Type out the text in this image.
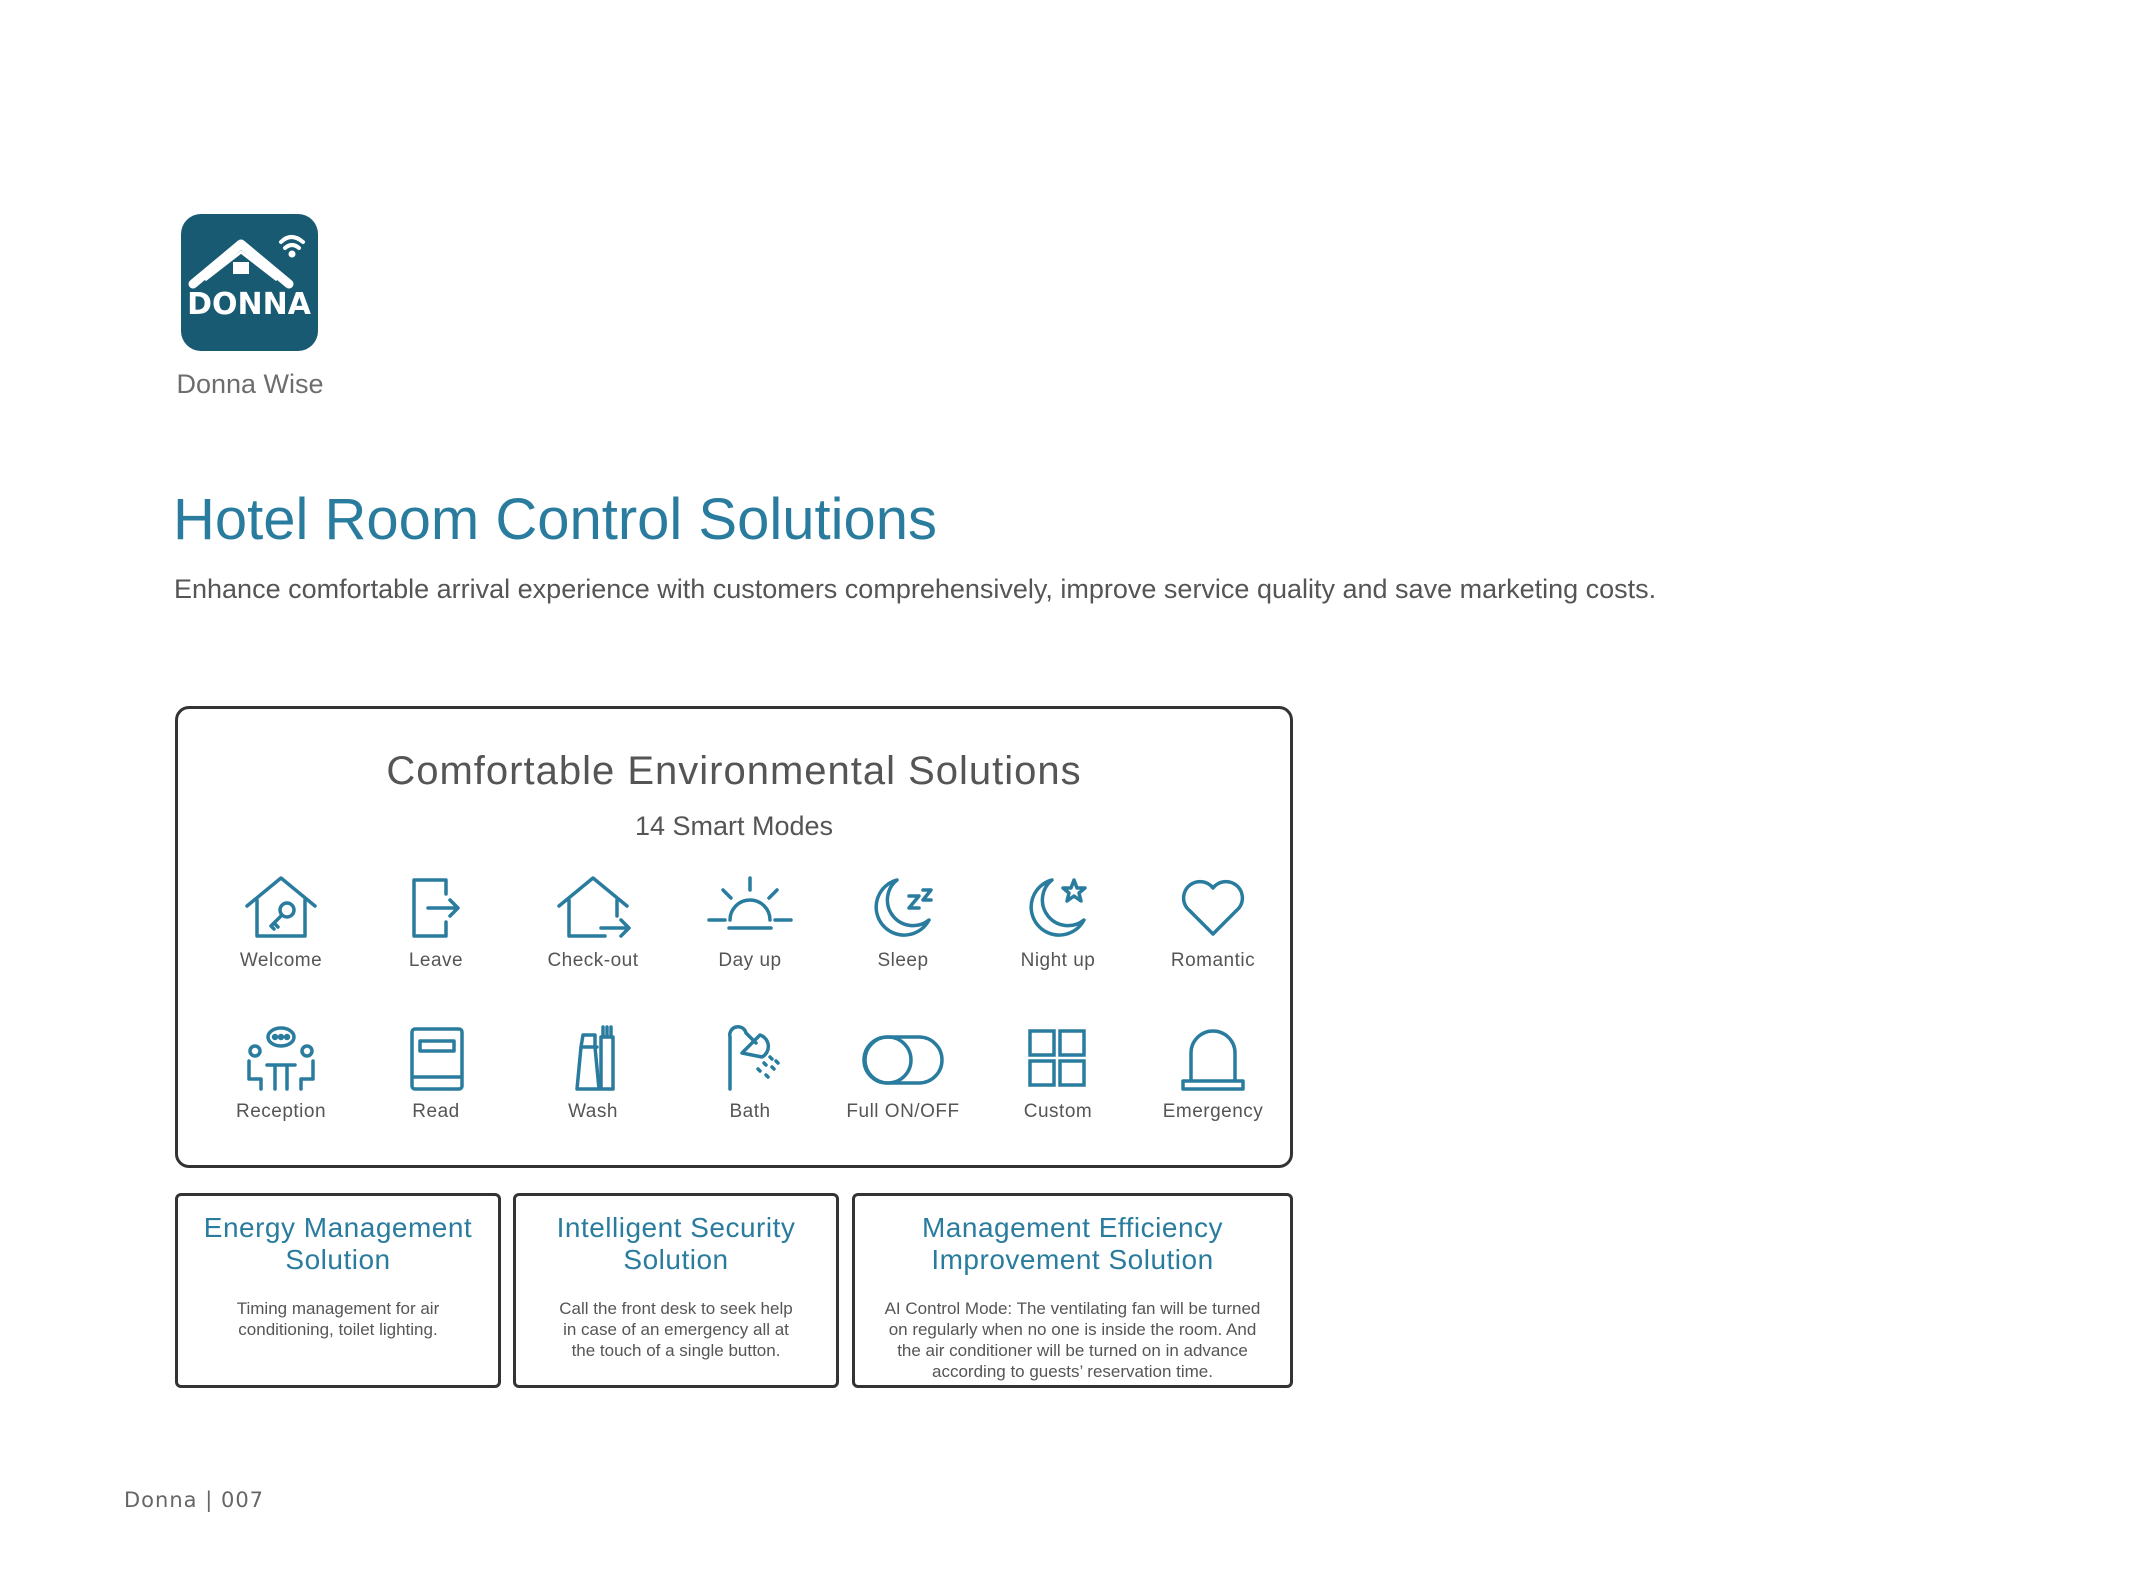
DONNA
Donna Wise
Hotel Room Control Solutions
Enhance comfortable arrival experience with customers comprehensively, improve service quality and save marketing costs.
Comfortable Environmental Solutions
14 Smart Modes
Welcome	Leave	Check-out	Day up	Sleep	Night up	Romantic
Reception	Read	Wash	Bath	Full ON/OFF	Custom	Emergency
Energy Management
Solution
Timing management for air
conditioning, toilet lighting.
Intelligent Security
Solution
Call the front desk to seek help
in case of an emergency all at
the touch of a single button.
Management Efficiency
Improvement Solution
AI Control Mode: The ventilating fan will be turned
on regularly when no one is inside the room. And
the air conditioner will be turned on in advance
according to guests’ reservation time.
Donna | 007
